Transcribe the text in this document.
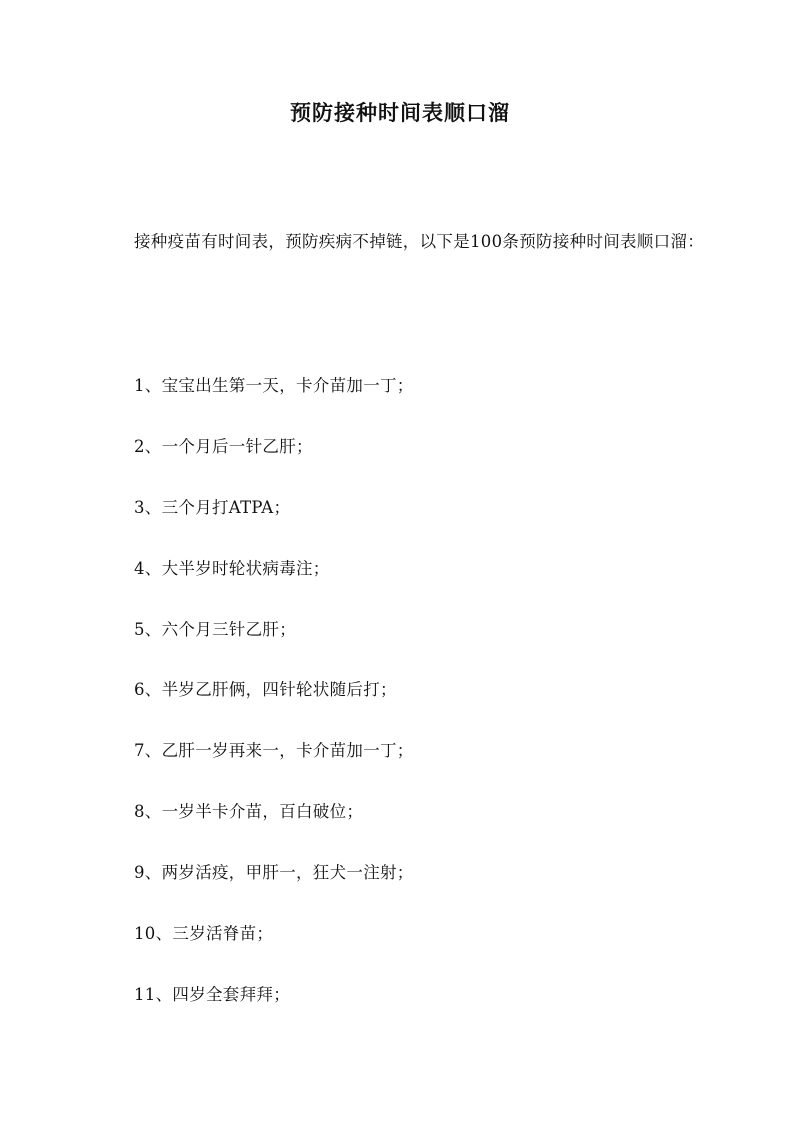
预防接种时间表顺口溜
接种疫苗有时间表，预防疾病不掉链，以下是100条预防接种时间表顺口溜：
1、宝宝出生第一天，卡介苗加一丁；
2、一个月后一针乙肝；
3、三个月打ATPA；
4、大半岁时轮状病毒注；
5、六个月三针乙肝；
6、半岁乙肝俩，四针轮状随后打；
7、乙肝一岁再来一，卡介苗加一丁；
8、一岁半卡介苗，百白破位；
9、两岁活疫，甲肝一，狂犬一注射；
10、三岁活脊苗；
11、四岁全套拜拜；
